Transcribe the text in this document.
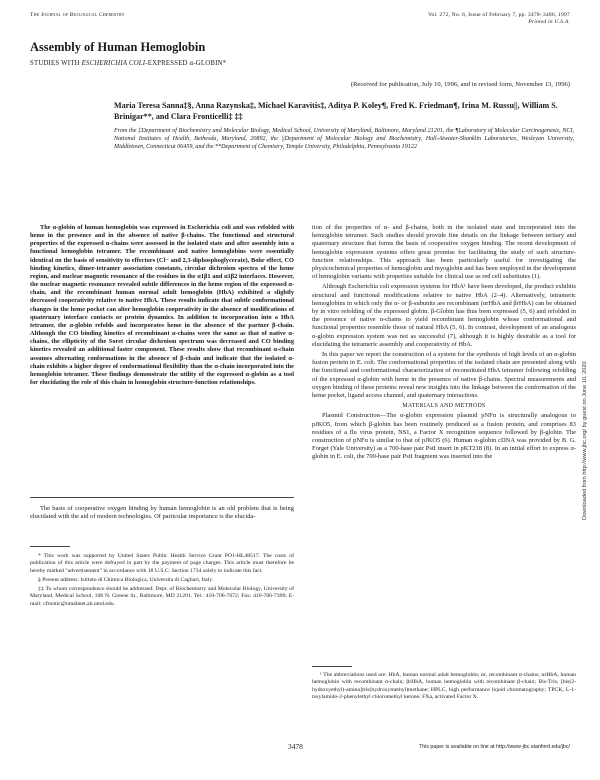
The Journal of Biological Chemistry	Vol. 272, No. 6, Issue of February 7, pp. 3478–3486, 1997
Printed in U.S.A.
Assembly of Human Hemoglobin
STUDIES WITH ESCHERICHIA COLI-EXPRESSED α-GLOBIN*
(Received for publication, July 10, 1996, and in revised form, November 13, 1996)
Maria Teresa Sanna‡§, Anna Razynska‡, Michael Karavitis‡, Aditya P. Koley¶, Fred K. Friedman¶, Irina M. Russu||, William S. Brinigar**, and Clara Fronticelli‡ ‡‡
From the ‡Department of Biochemistry and Molecular Biology, Medical School, University of Maryland, Baltimore, Maryland 21201, the ¶Laboratory of Molecular Carcinogenesis, NCI, National Institutes of Health, Bethesda, Maryland, 20892, the ||Department of Molecular Biology and Biochemistry, Hall-Atwater-Shanklin Laboratories, Wesleyan University, Middletown, Connecticut 06459, and the **Department of Chemistry, Temple University, Philadelphia, Pennsylvania 19122
The α-globin of human hemoglobin was expressed in Escherichia coli and was refolded with heme in the presence and in the absence of native β-chains. The functional and structural properties of the expressed α-chains were assessed in the isolated state and after assembly into a functional hemoglobin tetramer. The recombinant and native hemoglobins were essentially identical on the basis of sensitivity to effectors (Cl− and 2,3-diphosphoglycerate), Bohr effect, CO binding kinetics, dimer-tetramer association constants, circular dichroism spectra of the heme region, and nuclear magnetic resonance of the residues in the α1β1 and α1β2 interfaces. However, the nuclear magnetic resonance revealed subtle differences in the heme region of the expressed α-chain, and the recombinant human normal adult hemoglobin (HbA) exhibited a slightly decreased cooperativity relative to native HbA. These results indicate that subtle conformational changes in the heme pocket can alter hemoglobin cooperativity in the absence of modifications of quaternary interface contacts or protein dynamics. In addition to incorporation into a HbA tetramer, the α-globin refolds and incorporates heme in the absence of the partner β-chain. Although the CO binding kinetics of recombinant α-chains were the same as that of native α-chains, the ellipticity of the Soret circular dichroism spectrum was decreased and CO binding kinetics revealed an additional faster component. These results show that recombinant α-chain assumes alternating conformations in the absence of β-chain and indicate that the isolated α-chain exhibits a higher degree of conformational flexibility than the α-chain incorporated into the hemoglobin tetramer. These findings demonstrate the utility of the expressed α-globin as a tool for elucidating the role of this chain in hemoglobin structure-function relationships.
The basis of cooperative oxygen binding by human hemoglobin is an old problem that is being elucidated with the aid of modern technologies. Of particular importance is the elucida-

* This work was supported by United States Public Health Service Grant PO1-HL48517. The costs of publication of this article were defrayed in part by the payment of page charges. This article must therefore be hereby marked "advertisement" in accordance with 18 U.S.C. Section 1734 solely to indicate this fact.

§ Present address: Istituto di Chimica Biologica, Universita di Cagliari, Italy.

‡‡ To whom correspondence should be addressed: Dept. of Biochemistry and Molecular Biology, University of Maryland, Medical School, 108 N. Greene St., Baltimore, MD 21201. Tel.: 410-706-7672; Fax: 410-706-7390; E-mail: cfrontic@umabnet.ab.umd.edu.

tion of the properties of α- and β-chains, both in the isolated state and incorporated into the hemoglobin tetramer. Such studies should provide fine details on the linkage between tertiary and quaternary structure that forms the basis of cooperative oxygen binding. The recent development of hemoglobin expression systems offers great promise for facilitating the study of such structure-function relationships. This approach has been particularly useful for investigating the physicochemical properties of hemoglobin and myoglobin and has been employed in the development of hemoglobin variants with properties suitable for clinical use as red cell substitutes (1).

Although Escherichia coli expression systems for HbA¹ have been developed, the product exhibits structural and functional modifications relative to native HbA (2–4). Alternatively, tetrameric hemoglobins in which only the α- or β-subunits are recombinant (αrHbA and βrHbA) can be obtained by in vitro refolding of the expressed globin. β-Globin has thus been expressed (5, 6) and refolded in the presence of native α-chains to yield recombinant hemoglobin whose conformational and functional properties resemble those of natural HbA (5, 6). In contrast, development of an analogous α-globin expression system was not as successful (7), although it is highly desirable as a tool for elucidating the tetrameric assembly and cooperativity of HbA.

In this paper we report the construction of a system for the synthesis of high levels of an α-globin fusion protein in E. coli. The conformational properties of the isolated chain are presented along with the functional and conformational characterization of reconstituted HbA tetramer following refolding of the expressed α-globin with heme in the presence of native β-chains. Spectral measurements and oxygen binding of these proteins reveal new insights into the linkage between the conformation of the heme pocket, ligand access channel, and quaternary interactions.

MATERIALS AND METHODS

Plasmid Construction—The α-globin expression plasmid pNFα is structurally analogous to pJKO5, from which β-globin has been routinely produced as a fusion protein, and comprises 83 residues of a flu virus protein, NS1, a Factor X recognition sequence followed by β-globin. The construction of pNFα is similar to that of pJKO5 (6). Human α-globin cDNA was provided by B. G. Forget (Yale University) as a 700-base pair PstI insert in pKT218 (8). In an initial effort to express α-globin in E. coli, the 700-base pair PstI fragment was inserted into the

¹ The abbreviations used are: HbA, human normal adult hemoglobin; αr, recombinant α-chains; αrHbA, human hemoglobin with recombinant α-chain; βrHbA, human hemoglobin with recombinant β-chain; Bis-Tris, [bis(2-hydroxyethyl)-amino]tris(hydroxymethyl)methane; HPLC, high performance liquid chromatography; TPCK, L-1-tosylamido-2-phenylethyl chloromethyl ketone; FXa, activated Factor X.
3478	This paper is available on line at http://www-jbc.stanford.edu/jbc/
Downloaded from http://www.jbc.org/ by guest on June 10, 2020
